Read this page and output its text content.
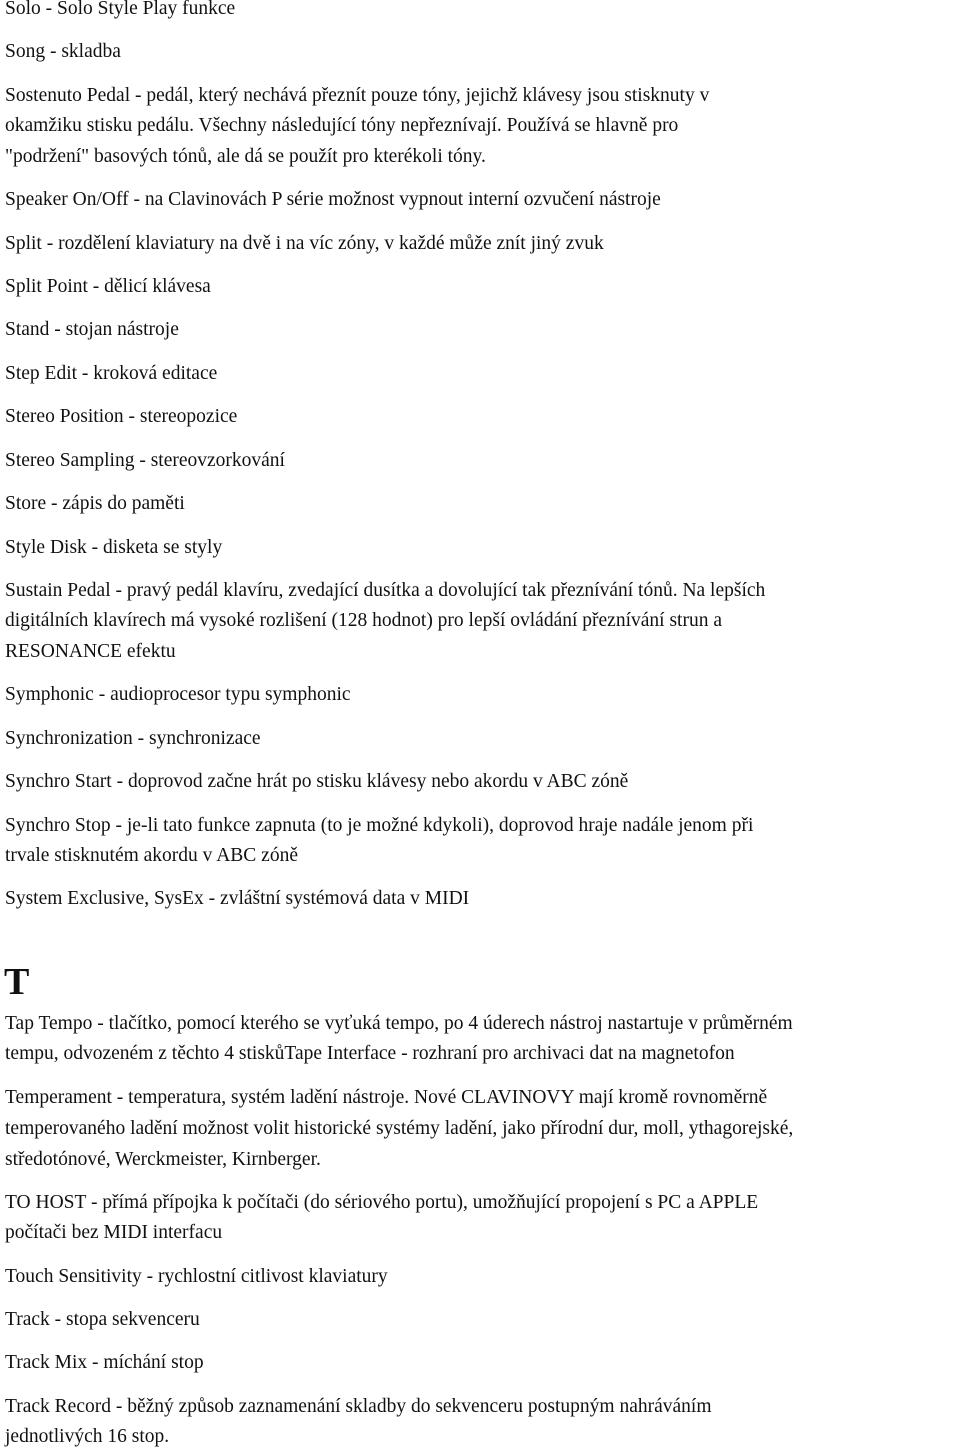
Solo - Solo Style Play funkce
Song - skladba
Sostenuto Pedal - pedál, který nechává přeznít pouze tóny, jejichž klávesy jsou stisknuty v
okamžiku stisku pedálu. Všechny následující tóny nepřeznívají. Používá se hlavně pro
"podržení" basových tónů, ale dá se použít pro kterékoli tóny.
Speaker On/Off - na Clavinovách P série možnost vypnout interní ozvučení nástroje
Split - rozdělení klaviatury na dvě i na víc zóny, v každé může znít jiný zvuk
Split Point - dělicí klávesa
Stand - stojan nástroje
Step Edit - kroková editace
Stereo Position - stereopozice
Stereo Sampling - stereovzorkování
Store - zápis do paměti
Style Disk - disketa se styly
Sustain Pedal - pravý pedál klavíru, zvedající dusítka a dovolující tak přeznívání tónů. Na lepších
digitálních klavírech má vysoké rozlišení (128 hodnot) pro lepší ovládání přeznívání strun a
RESONANCE efektu
Symphonic - audioprocesor typu symphonic
Synchronization - synchronizace
Synchro Start - doprovod začne hrát po stisku klávesy nebo akordu v ABC zóně
Synchro Stop - je-li tato funkce zapnuta (to je možné kdykoli), doprovod hraje nadále jenom při
trvale stisknutém akordu v ABC zóně
System Exclusive, SysEx - zvláštní systémová data v MIDI
T
Tap Tempo - tlačítko, pomocí kterého se vyťuká tempo, po 4 úderech nástroj nastartuje v průměrném
tempu, odvozeném z těchto 4 stiskůTape Interface - rozhraní pro archivaci dat na magnetofon
Temperament - temperatura, systém ladění nástroje. Nové CLAVINOVY mají kromě rovnoměrně
temperovaného ladění možnost volit historické systémy ladění, jako přírodní dur, moll, ythagorejské,
středotónové, Werckmeister, Kirnberger.
TO HOST - přímá přípojka k počítači (do sériového portu), umožňující propojení s PC a APPLE
počítači bez MIDI interfacu
Touch Sensitivity - rychlostní citlivost klaviatury
Track - stopa sekvenceru
Track Mix - míchání stop
Track Record - běžný způsob zaznamenání skladby do sekvenceru postupným nahráváním
jednotlivých 16 stop.
